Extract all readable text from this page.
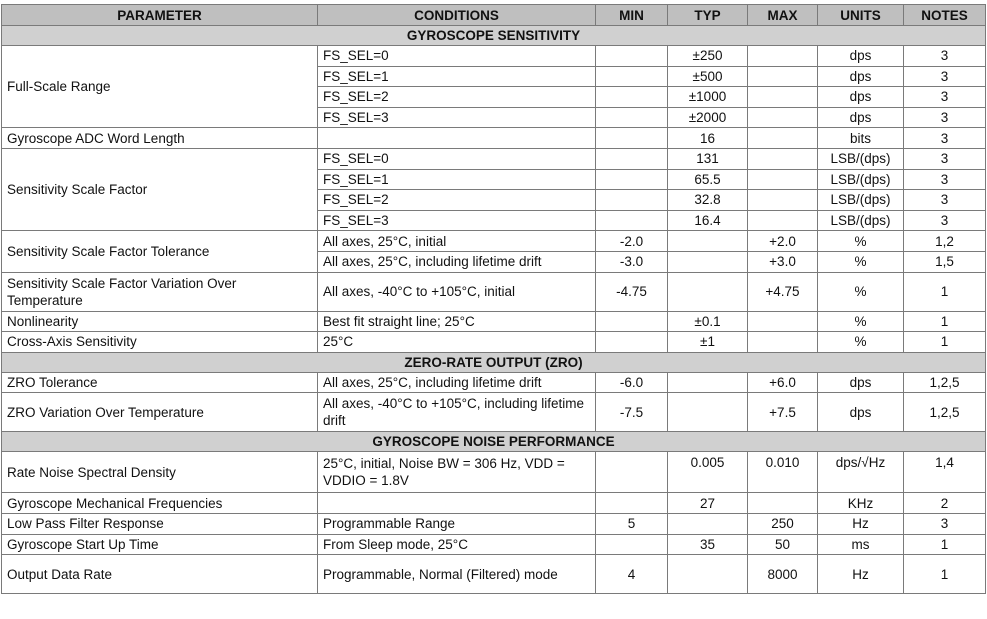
PARAMETER	CONDITIONS	MIN	TYP	MAX	UNITS	NOTES
GYROSCOPE SENSITIVITY						
Full-Scale Range	FS_SEL=0		±250		dps	3
	FS_SEL=1		±500		dps	3
	FS_SEL=2		±1000		dps	3
	FS_SEL=3		±2000		dps	3
Gyroscope ADC Word Length			16		bits	3
Sensitivity Scale Factor	FS_SEL=0		131		LSB/(dps)	3
	FS_SEL=1		65.5		LSB/(dps)	3
	FS_SEL=2		32.8		LSB/(dps)	3
	FS_SEL=3		16.4		LSB/(dps)	3
Sensitivity Scale Factor Tolerance	All axes, 25°C, initial	-2.0		+2.0	%	1,2
	All axes, 25°C, including lifetime drift	-3.0		+3.0	%	1,5
Sensitivity Scale Factor Variation Over Temperature	All axes, -40°C to +105°C, initial	-4.75		+4.75	%	1
Nonlinearity	Best fit straight line; 25°C		±0.1		%	1
Cross-Axis Sensitivity	25°C		±1		%	1
ZERO-RATE OUTPUT (ZRO)						
ZRO Tolerance	All axes, 25°C, including lifetime drift	-6.0		+6.0	dps	1,2,5
ZRO Variation Over Temperature	All axes, -40°C to +105°C, including lifetime drift	-7.5		+7.5	dps	1,2,5
GYROSCOPE NOISE PERFORMANCE						
Rate Noise Spectral Density	25°C, initial, Noise BW = 306 Hz, VDD = VDDIO = 1.8V		0.005	0.010	dps/√Hz	1,4
Gyroscope Mechanical Frequencies			27		KHz	2
Low Pass Filter Response	Programmable Range	5		250	Hz	3
Gyroscope Start Up Time	From Sleep mode, 25°C		35	50	ms	1
Output Data Rate	Programmable, Normal (Filtered) mode	4		8000	Hz	1
